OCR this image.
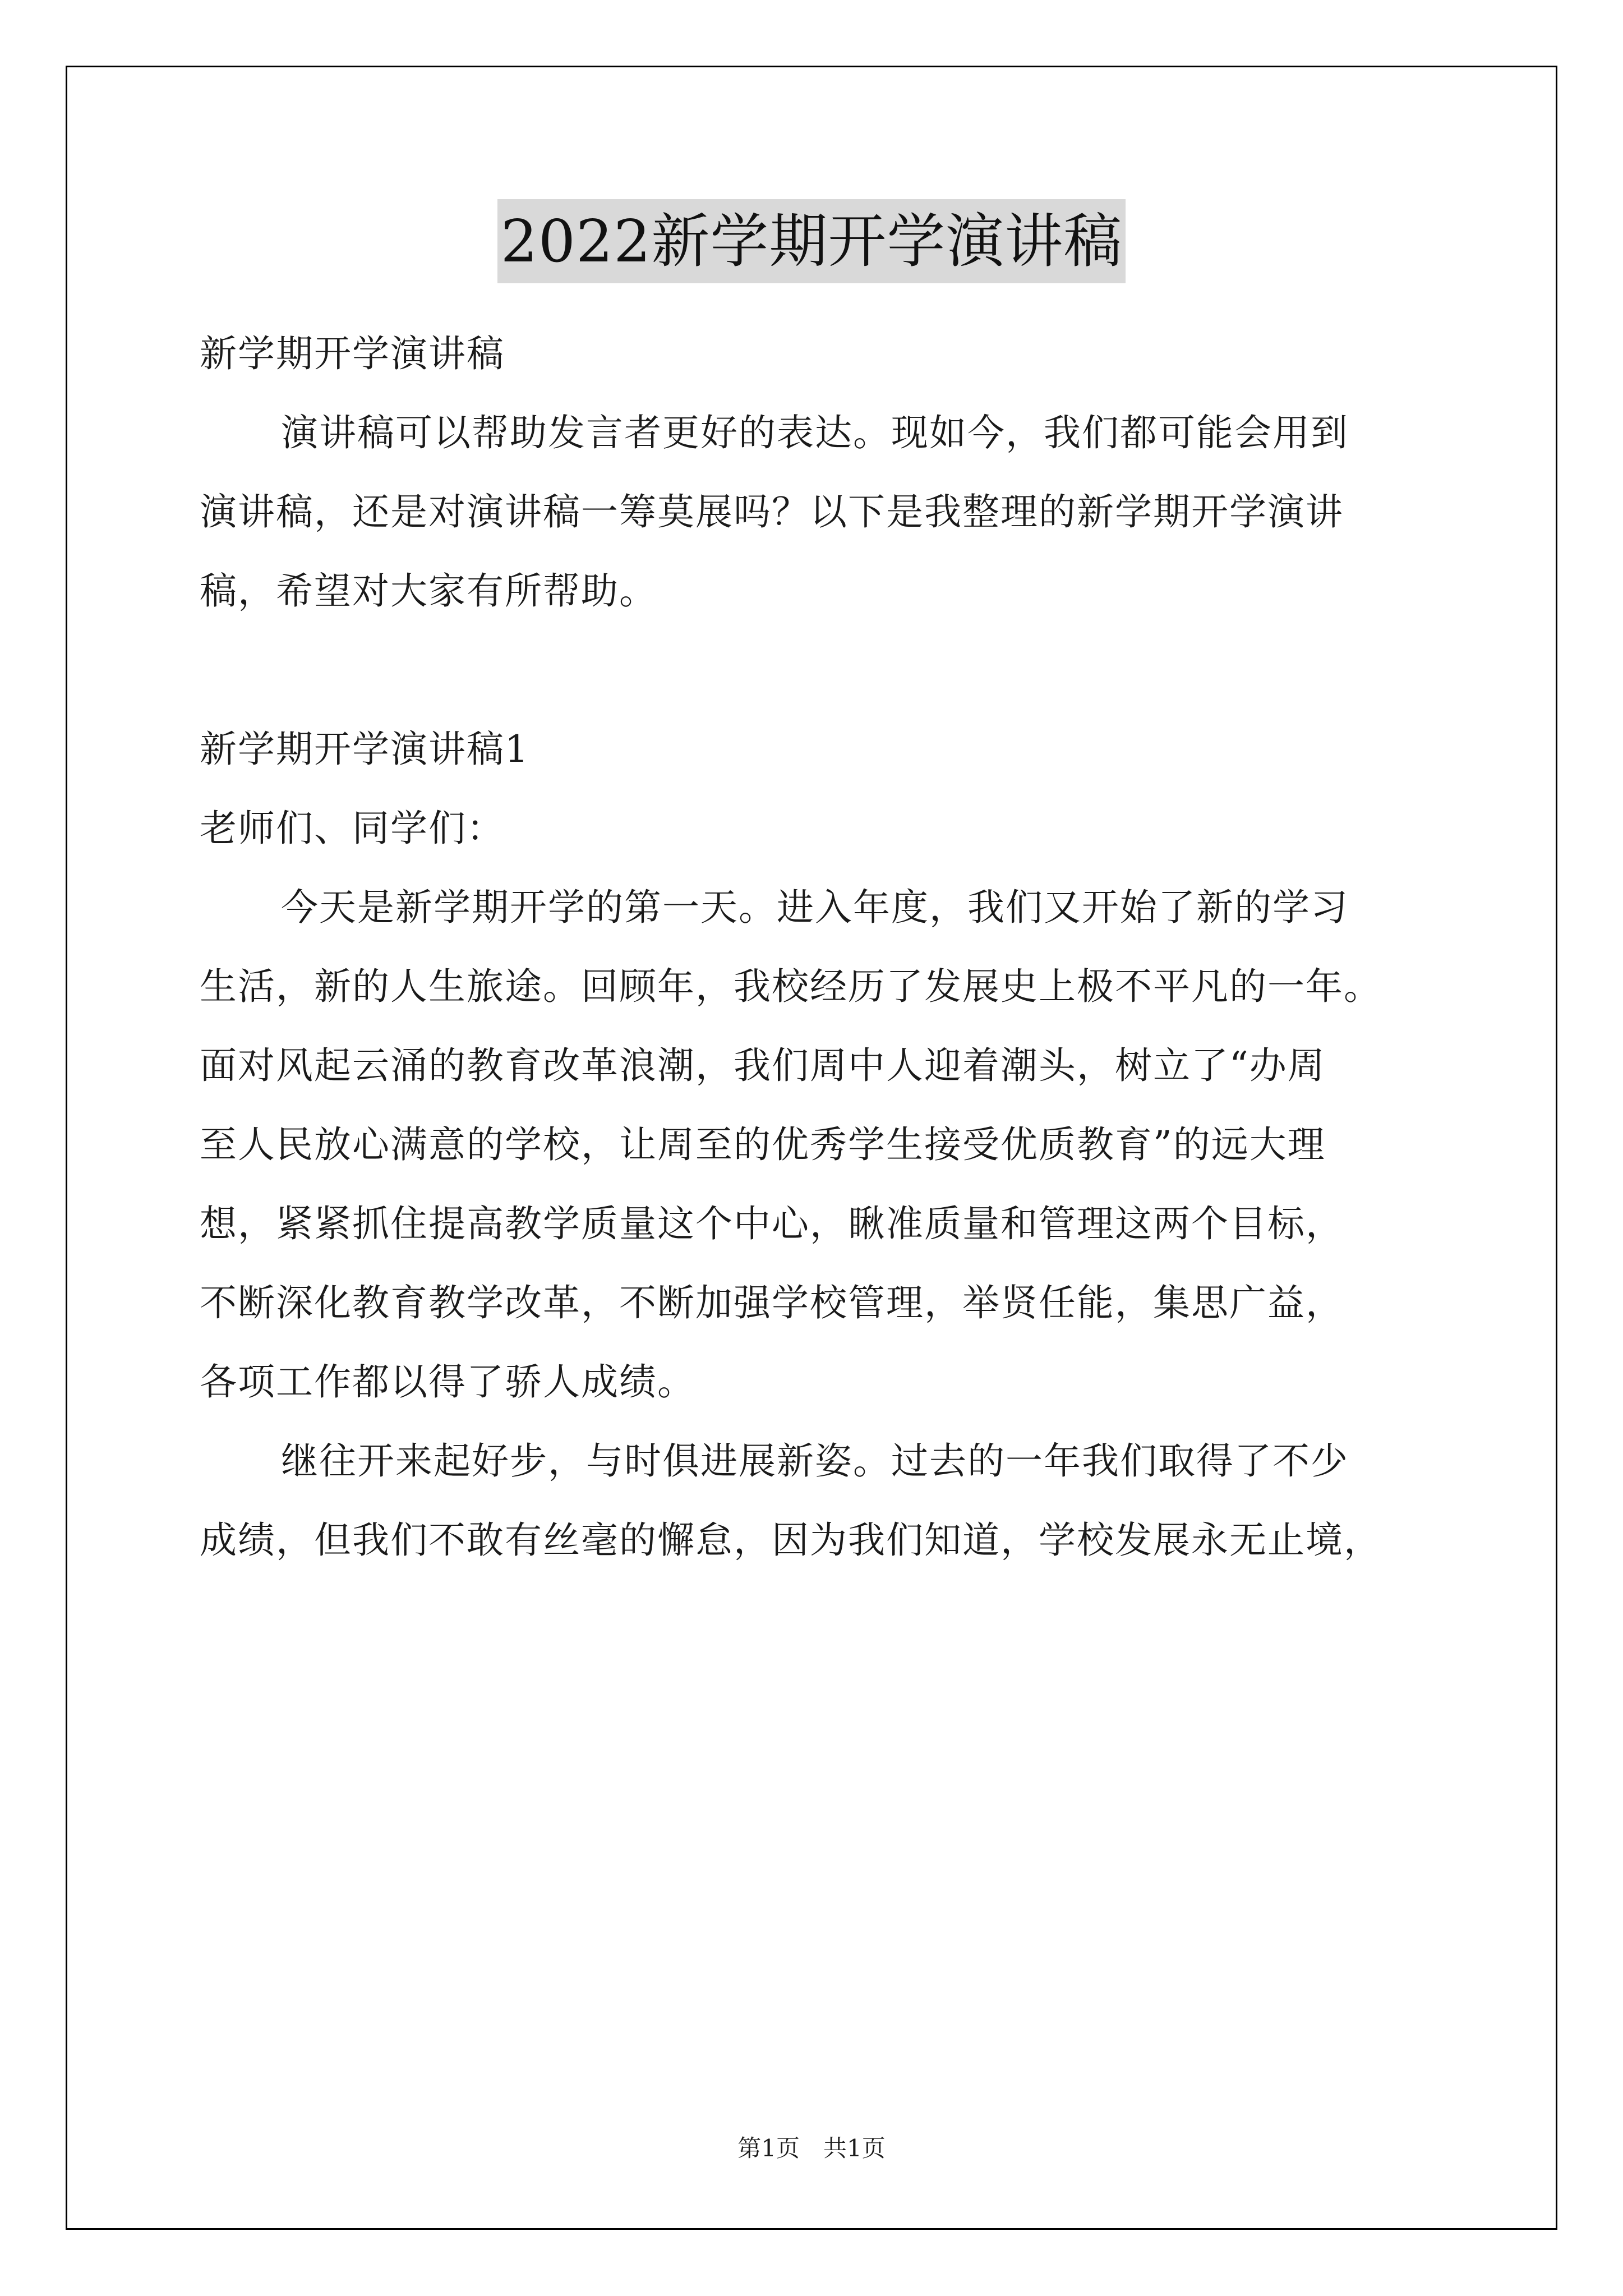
2022新学期开学演讲稿
新学期开学演讲稿
演讲稿可以帮助发言者更好的表达。现如今，我们都可能会用到
演讲稿，还是对演讲稿一筹莫展吗？以下是我整理的新学期开学演讲
稿，希望对大家有所帮助。
新学期开学演讲稿1
老师们、同学们：
今天是新学期开学的第一天。进入年度，我们又开始了新的学习
生活，新的人生旅途。回顾年，我校经历了发展史上极不平凡的一年。
面对风起云涌的教育改革浪潮，我们周中人迎着潮头，树立了“办周
至人民放心满意的学校，让周至的优秀学生接受优质教育”的远大理
想，紧紧抓住提高教学质量这个中心，瞅准质量和管理这两个目标，
不断深化教育教学改革，不断加强学校管理，举贤任能，集思广益，
各项工作都以得了骄人成绩。
继往开来起好步，与时俱进展新姿。过去的一年我们取得了不少
成绩，但我们不敢有丝毫的懈怠，因为我们知道，学校发展永无止境，
第1页　共1页
